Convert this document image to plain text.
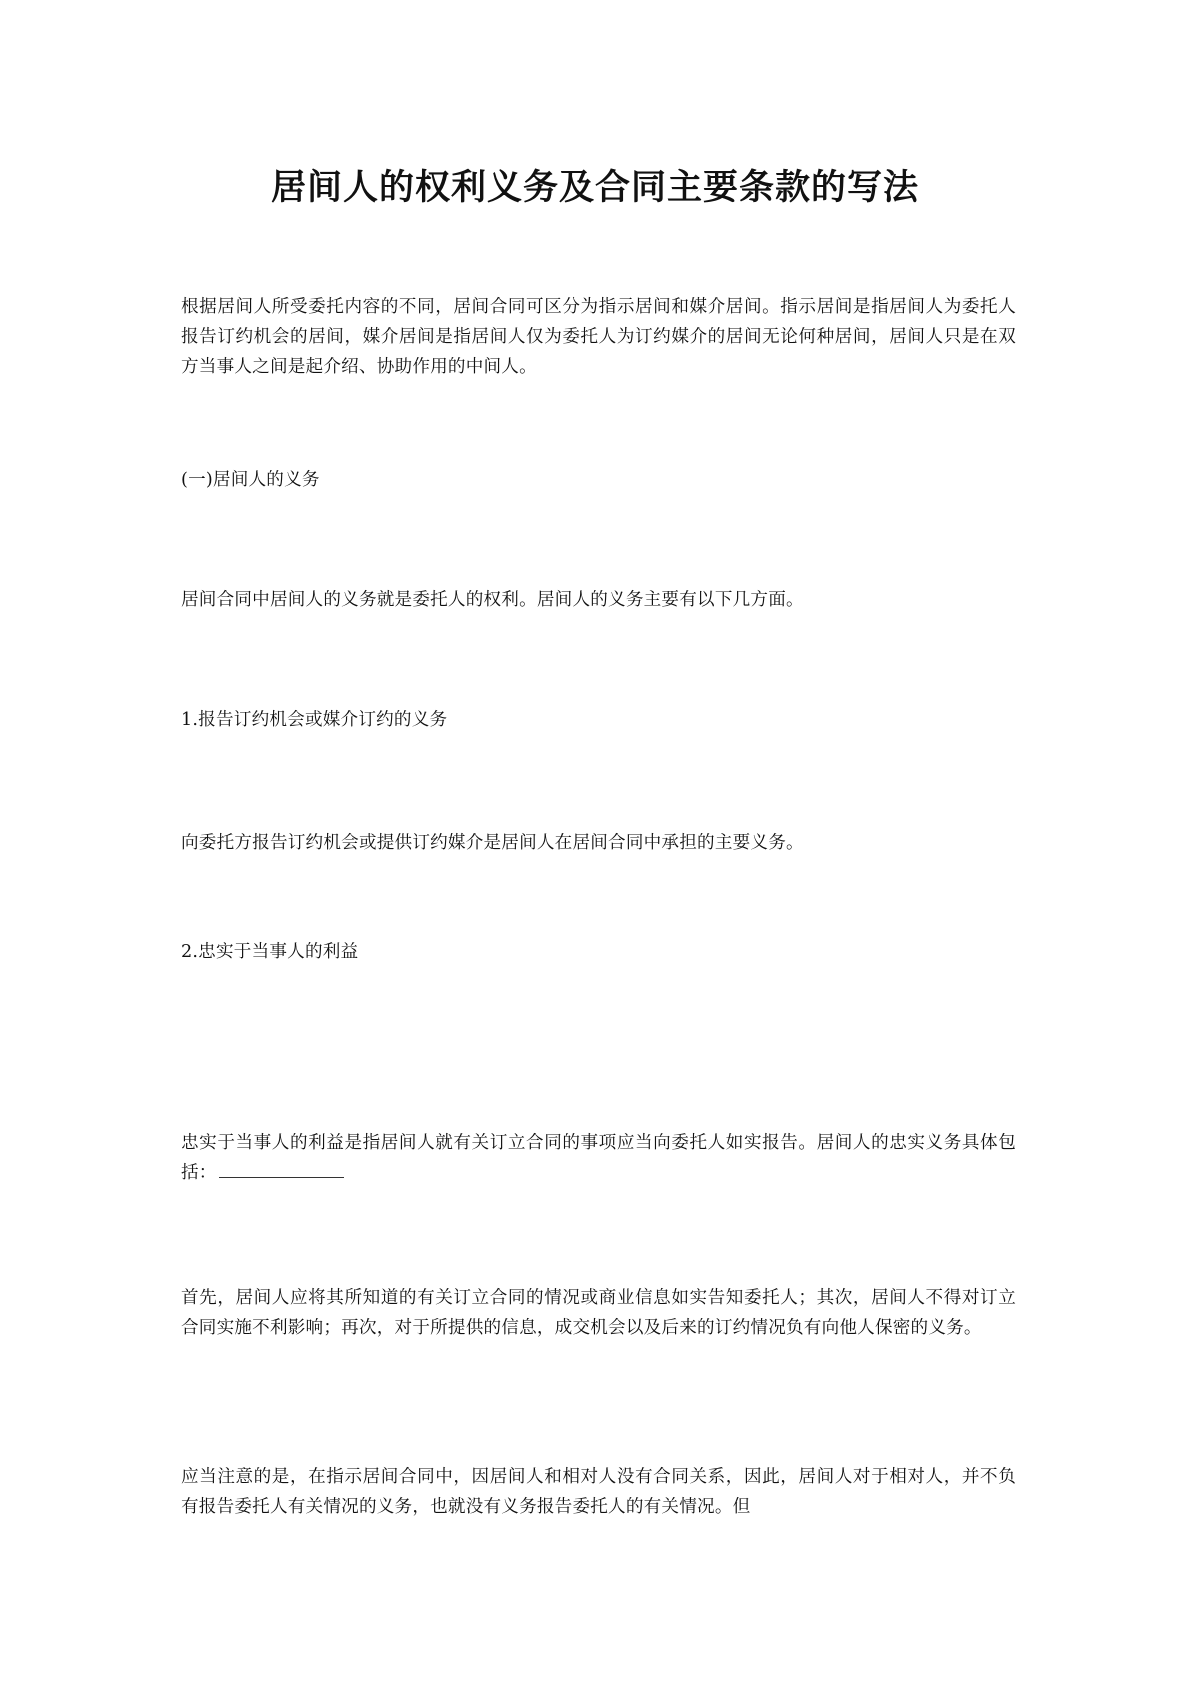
居间人的权利义务及合同主要条款的写法

根据居间人所受委托内容的不同，居间合同可区分为指示居间和媒介居间。指示居间是指居间人为委托人报告订约机会的居间，媒介居间是指居间人仅为委托人为订约媒介的居间无论何种居间，居间人只是在双方当事人之间是起介绍、协助作用的中间人。

(一)居间人的义务

居间合同中居间人的义务就是委托人的权利。居间人的义务主要有以下几方面。

1.报告订约机会或媒介订约的义务

向委托方报告订约机会或提供订约媒介是居间人在居间合同中承担的主要义务。

2.忠实于当事人的利益

忠实于当事人的利益是指居间人就有关订立合同的事项应当向委托人如实报告。居间人的忠实义务具体包括：

首先，居间人应将其所知道的有关订立合同的情况或商业信息如实告知委托人；其次，居间人不得对订立合同实施不利影响；再次，对于所提供的信息，成交机会以及后来的订约情况负有向他人保密的义务。

应当注意的是，在指示居间合同中，因居间人和相对人没有合同关系，因此，居间人对于相对人，并不负有报告委托人有关情况的义务，也就没有义务报告委托人的有关情况。但
